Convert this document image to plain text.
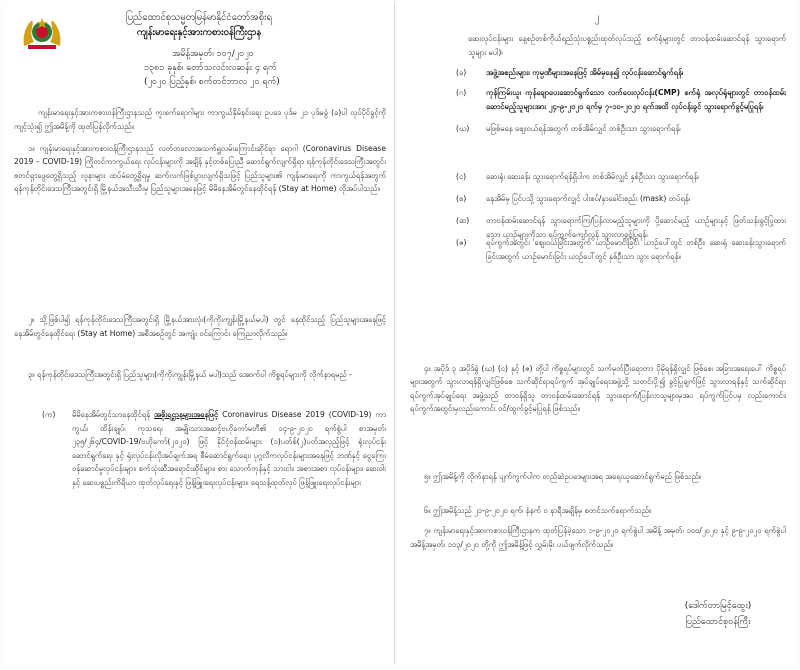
ပြည်ထောင်စုသမ္မတမြန်မာနိုင်ငံတော်အစိုးရ
ကျန်းမာရေးနှင့်အားကစားဝန်ကြီးဌာန
အမိန့်အမှတ်၊ ၁၀၇/၂၀၂၀
၁၃၈၁ ခုနှစ်၊ တော်သလင်းလဆန်း ၄ ရက်
(၂၀၂၀ ပြည့်နှစ်၊ စက်တင်ဘာလ ၂၀ ရက်)

ကျန်းမာရေးနှင့်အားကစားဝန်ကြီးဌာနသည် ကူးစက်ရောဂါများ ကာကွယ်နှိမ်နင်းရေး ဥပဒေ ပုဒ်မ ၂၁ ပုဒ်မခွဲ (ခ)ပါ လုပ်ပိုင်ခွင့်ကို ကျင့်သုံး၍ ဤအမိန့်ကို ထုတ်ပြန်လိုက်သည်။

၁။ ကျန်းမာရေးနှင့်အားကစားဝန်ကြီးဌာနသည် လတ်တလောအသက်ရှူလမ်းကြောင်းဆိုင်ရာ ရောဂါ (Coronavirus Disease 2019 – COVID-19) ကြိုတင်ကာကွယ်ရေး လုပ်ငန်းများကို အချိန် နှင့်တစ်ပြေးညီ ဆောင်ရွက်လျက်ရှိရာ ရန်ကုန်တိုင်းဒေသကြီးအတွင်း စတင်ရှာဖွေတွေ့ရှိသည့် လူနာများ ထပ်မံတွေ့ရှိရမှု ဆက်လက်ဖြစ်ပွားလျက်ရှိသဖြင့် ပြည်သူများ၏ ကျန်းမာရေးကို ကာကွယ်ရန်အတွက် ရန်ကုန်တိုင်းဒေသကြီးအတွင်းရှိ မြို့နယ်အသီးသီးမှ ပြည်သူများအနေဖြင့် မိမိနေအိမ်တွင်နေထိုင်ရန် (Stay at Home) လိုအပ်ပါသည်။

၂။ သို့ဖြစ်ပါ၍ ရန်ကုန်တိုင်းဒေသကြီးအတွင်းရှိ မြို့နယ်အားလုံး(ကိုကိုးကျွန်းမြို့နယ်မပါ) တွင် နေထိုင်သည့် ပြည်သူများအနေဖြင့် နေအိမ်တွင်နေထိုင်ရေး (Stay at Home) အစီအစဉ်တွင် အကျုံး ဝင်ကြောင်း ကြေညာလိုက်သည်။

၃။ ရန်ကုန်တိုင်းဒေသကြီးအတွင်းရှိ ပြည်သူများ(ကိုကိုးကျွန်းမြို့နယ် မပါ)သည် အောက်ပါ ကိစ္စရပ်များကို လိုက်နာရမည် -

(က) မိမိနေအိမ်တွင်သာနေထိုင်ရန် အစိုးရဌာနများအနေဖြင့် Coronavirus Disease 2019 (COVID-19) ကာကွယ်၊ ထိန်းချုပ်၊ ကုသရေး အမျိုးသားအဆင့်ဗဟိုကော်မတီ၏ ၁၄-၉-၂၀၂၀ ရက်စွဲပါ စာအမှတ်၊ ၂၃၅/၂၆၄/COVID-19/ဗဟိုကော်(၂၀၂၀) ဖြင့် နိုင်ငံ့ဝန်ထမ်းများ (၁)ပတ်စ်(၂)ပတ်အလှည့်ဖြင့် ရုံးလုပ်ငန်းဆောင်ရွက်ရေး နှင့် ရုံးလုပ်ငန်းလိုအပ်ချက်အရ စီမံဆောင်ရွက်ရေး၊ ပုဂ္ဂလိကလုပ်ငန်းများအနေဖြင့် ဘဏ်နှင့် ငွေကြေးဝန်ဆောင်မှုလုပ်ငန်းများ၊ စက်သုံးဆီအရောင်းဆိုင်များ၊ စား သောက်ကုန်နှင့် သားငါး၊ အစားအစာ လုပ်ငန်းများ၊ ဆေးဝါးနှင့် ဆေးပစ္စည်းကိရိယာ ထုတ်လုပ်ရေးနှင့် ဖြန့်ဖြူးရေးလုပ်ငန်းများ၊ ရေသန့်ထုတ်လုပ် ဖြန့်ဖြူးရေးလုပ်ငန်းများ
၂

ဆေးလုပ်ငန်းများ နေ့စဉ်တစ်ကိုယ်ရည်သုံးပစ္စည်းထုတ်လုပ်သည့် စက်ရုံများတွင် တာဝန်ထမ်းဆောင်ရန် သွားရောက်သူများ မပါ)၊

(ခ)	အဖွဲ့အစည်းများ၊ ကုမ္ပဏီများအနေဖြင့် အိမ်မှနေ၍ လုပ်ငန်းဆောင်ရွက်ရန်၊
(ဂ)	ကုန်ကြမ်းယူ၊ ကုန်ချောပေးဆောင်ရွက်သော လက်ဝေးလုပ်ငန်း(CMP) စက်ရုံ အလုပ်ရုံများတွင် တာဝန်ထမ်းဆောင်မည့်သူများအား ၂၄-၉-၂၀၂၀ ရက်မှ ၇-၁၀-၂၀၂၀ ရက်အထိ လုပ်ငန်းခွင် သွားရောက်ခွင့်မပြုရန်၊
(ဃ) မဖြစ်မနေ စျေးဝယ်ရန်အတွက် တစ်အိမ်လျှင် တစ်ဦးသာ သွားရောက်ရန်၊
(င)	ဆေးရုံ၊ ဆေးခန်း သွားရောက်ရန်ရှိပါက တစ်အိမ်လျှင် နှစ်ဦးသာ သွားရောက်ရန်၊
(စ)	နေအိမ်မှ ပြင်ပသို့ သွားရောက်လျှင် ပါးစပ်/နှာခေါင်းစည်း (mask) တပ်ရန်၊
(ဆ) တာဝန်ထမ်းဆောင်ရန် သွားရောက်ကြ/ပြန်လာမည့်သူများကို ပို့ဆောင်မည့် ယာဉ်များနှင့် ဖြတ်သန်းခွင့်ပြုထားသော ယာဉ်များကိုသာ ရပ်ကွက်ကျော်လွန် သွားလာခွင့်ပြုရန်၊
(ဇ)	ရပ်ကွက်အတွင်း စျေးဝယ်ခြင်းအတွက် ယာဉ်မောင်းခြင်း ယာဉ်ပေါ်တွင် တစ်ဦး၊ ဆေးရုံ ဆေးခန်းသွားရောက်ခြင်းအတွက် ယာဉ်မောင်းခြင်း ယာဉ်ပေါ်တွင် နှစ်ဦးသာ သွား ရောက်ရန်။

၄။ အပိုဒ် ၃ အပိုဒ်ခွဲ (ဃ) (င) နှင့် (ဇ) တို့ပါ ကိစ္စရပ်များတွင် သက်မှတ်ပြီးရောတာ ပိုမိုရန်ရှိလျှင် ဖြစ်စေ၊ အခြားအရေးပေါ် ကိစ္စရပ်များအတွက် သွားလာရန်ရှိလျှင်ဖြစ်စေ သက်ဆိုင်ရာရပ်ကွက် အုပ်ချုပ်ရေးအဖွဲ့သို့ သတင်းပို့၍ ခွင့်ပြုချက်ဖြင့် သွားလာရန်နှင့် သက်ဆိုင်ရာရပ်ကွက်အုပ်ချုပ်ရေး အဖွဲ့သည် တာဝန်ရှိသူ တာဝန်ထမ်းဆောင်ရန် သွားရောက်/ပြန်လာသူများမှအပ ရပ်ကွက်ပြင်ပမှ လည်းကောင်း၊ ရပ်ကွက်အတွင်းမှလည်းကောင်း ဝင်/ထွက်ခွင့်မပြုရန် ဖြစ်သည်။

၅။ ဤအမိန့်ကို လိုက်နာရန် ပျက်ကွက်ပါက တည်ဆဲဥပဒေများအရ အရေးယူဆောင်ရွက်မည် ဖြစ်သည်။

၆။ ဤအမိန့်သည် ၂၁-၉-၂၀၂၀ ရက်၊ နံနက် ၀ နာရီအချိန်မှ စတင်သက်ရောက်သည်။

၇။ ကျန်းမာရေးနှင့်အားကစားဝန်ကြီးဌာနက ထုတ်ပြန်ခဲ့သော ၁-၉-၂၀၂၀ ရက်စွဲပါ အမိန့် အမှတ်၊ ၁၀၀/၂၀၂၀ နှင့် ၉-၉-၂၀၂၀ ရက်စွဲပါ အမိန့်အမှတ်၊ ၁၀၃/၂၀၂၀ တို့ကို ဤအမိန့်ဖြင့် လွှမ်းမိုး ပယ်ဖျက်လိုက်သည်။

(ဒေါက်တာမြင့်ထွေး)
ပြည်ထောင်စုဝန်ကြီး
